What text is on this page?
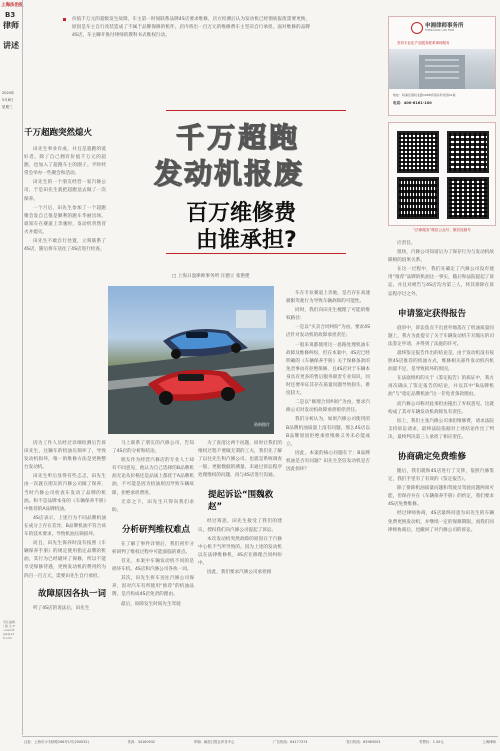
上海法治报
B3
律师
讲述
2024年
5月8日
星期三
责任编辑 / 嵇 文 E-mail:dfsjd@126.com

价值千万元的超级发生故障，车主第一时间联系品牌4S店要求维修，店方检测后认为发动机已经彻底报废需要更换，原因是车主自行改装造成了不属于品牌保修的机件，店内将出一百万元的维修费车主坚决自行承担。面对维修的品牌4S店，车主瞬开推付律师的教科书式维权行动。

申湘律师事务所
SHENXIANG LAW FIRM
坚持专业化产品服务联系律师服务
地址：杨浦区国权北路1688弄湾谷科技园A1栋
电话：400-6161-100
“法律服务”微信公众号、微信视频号
千万超跑突然熄火

田先生事业有成，并且是超跑的爱好者。除了自己拥有价值千万元的超跑，也加入了超跑车主的圈子。平时经常会举办一些聚会和活动。

田先生的一个朋友经营一家汽修公司，于是田先生就把超跑送去做了一次保养。

一个月后，田先生参加了一个超跑聚会发自己很是顺利的跑车华丽出场。谁知车在赛道上奔驰时，发动机突然冒火并熄灭。

田先生不敢自行处置，立刻联系了4S店，随后将车送往了4S店进行检查。

千万超跑
发动机报废
百万维修费
由谁承担?
□ 上海日盈律师事务所 汪德立 张艳建
资料图片

因为工作人员经过详细检测后告诉田先生，这辆车的机油压频坏了，导致发动机损坏，唯一的维修方法是更换整台发动机。

田先生听后显得有些忐忑，田先生由一次就在朋友的汽修公司做了保养，当时汽修公司检查车发动了品牌的机油。和不是品牌本身的《车辆保养手册》中推荐的A品牌机油。

4S店表示，上述行为不同品牌机油在成分上存在差异，B品牌机油不符合该车的技术要求，导致机油压频损坏。

而且，田先生保养时没有按照《车辆保养手册》的规定使用指定品牌的机油，其行为已经破坏了保修，所以不能享受保修待遇，更换发动机的费用约为四百一百万元，需要田先生自行承担。

故障原因各执一词

听了4S店的说法后，田先生

马上联系了朋友的汽修公司，告知了4S店的分析和结论。

朋友作为经营汽修店的专业人士却有不同意见，他认为自己选择的B品牌机油无论从价格还是品质上都优于A品牌机油，不可能是因为机油原因导致车辆故障，拒绝承担费用。

无奈之下，田先生只得向我们求助。

分析研判维权难点

在了解了事件详情后，我们初步分析研判了维权过程中可能面临的难点。

首先，本案中车辆发动机不同的是损坏车机。4S店和汽修公司各执一词。

其次，田先生将车送往汽修公司保养，因对汽车有所使用“推荐”的机油品牌，是否构成4S店免责的理由。

最后，故障发生时间先生驾驶

车在专业赛道上奔驰，是否存在高速极限驾驶行为导致车辆故障的可能性。

同时，我们向田先生梳理了可能的维权路径：

一是以“买卖合同纠纷”为由，要求4S店针对发动机的故障承担责任；

一般来说都使用这一思路处理机油车故障及维修纠纷，但在本案中，4S店已经明确的《车辆保养手册》关于保修条款的免责事由有拒绝保修，且4S店对于车辆本身具有更多的售后服务职责专业知识，同时还要举证其存在质量问题导致损失，难度较大。

二是以“修理合同纠纷”为由，要求汽修公司对发动机故障承担赔偿责任。

我们分析认为，如果汽修公司使用的B品牌机油质量上没有问题，那么4S店以B品牌原因拒绝承担维修义务未必能成立。

因此，本案的核心问题在于：B品牌机油是否有问题？田先生坚信发动机是否因此损坏？

为了查清这两个问题，同时让我们的维权过程不要做无谓的工夫，我们先了解了以往先生和汽修公司。也就是系统调查一般，更据数据的测量，未通过诉讼程序处理维权的问题，再与4S店进行沟通。

提起诉讼“围魏救赵”

经过筹思，田先生接受了我们的建议，授权我们向汽修公司提起了诉讼。

本次发动机突然故障的原因在于汽修中心机不当所导致的。因为上述的发动机以在法律维修机，4S店在修理合同纠纷中。

因此，我们要求汽修公司承担相

应责任。

很快，汽修公司知道后为了保存行为与发动机故障相的因果关系。

在这一过程中，我们先确定了汽修公司没有使用“推荐”品牌的机油这一事实，随后和法院提起了诉讼，并且对被告与4S店均为第三人，将其排除在诉讼程序过之外。

申请鉴定获得报告

庭审中，诉讼焦点不出意外地落在了机油质量问题上，我方为此提交了关于车辆发动机千瓦缩压的司法鉴定申请，并得到了法庭的许可。

最终鉴定报告作出的结论是，由于发动机没有按照4S店推荐的机油方式，维修相关部件发动机内机油量不足，是导致损坏的原因。

在法庭组织的关于《鉴定报告》的质证中，我方再次确认了鉴定报告的结论，并以其中“B品牌机油”与“指定品牌机油”这一非免责条款理由。

而汽修公司称对此承担由拖出了弃权意见。这就构成了其对车辆发动机故障负有责任。

综上，我们主张汽修公司承担维修费，请求法院支持诉讼请求，最终法院依据对上述结论作出了判决，最终判决第三人承担了相应责任。

协商确定免费维修

随后，我们就和4S店进行了交涉，依照汽修鉴定，我们手里有了有效的《鉴定报告》。

除了排除机油质量问题和驾驶员驾驶问题两项可能，但保存并在《车辆保养手册》的约定，我们要求4S店免费维修。

经过律师协商，4S店最终同意为田先生的车辆免费更换发动机，并继续一定的保修期限。而我们同律师协商后，也撤回了对汽修公司的诉讼。

社址：上海市小木桥路268号1号(200032)	传真：34160932	印刷：解放日报社印务中心	广告热线：64177374	发行热线：63963503	零售价：1.50元	上海律师
